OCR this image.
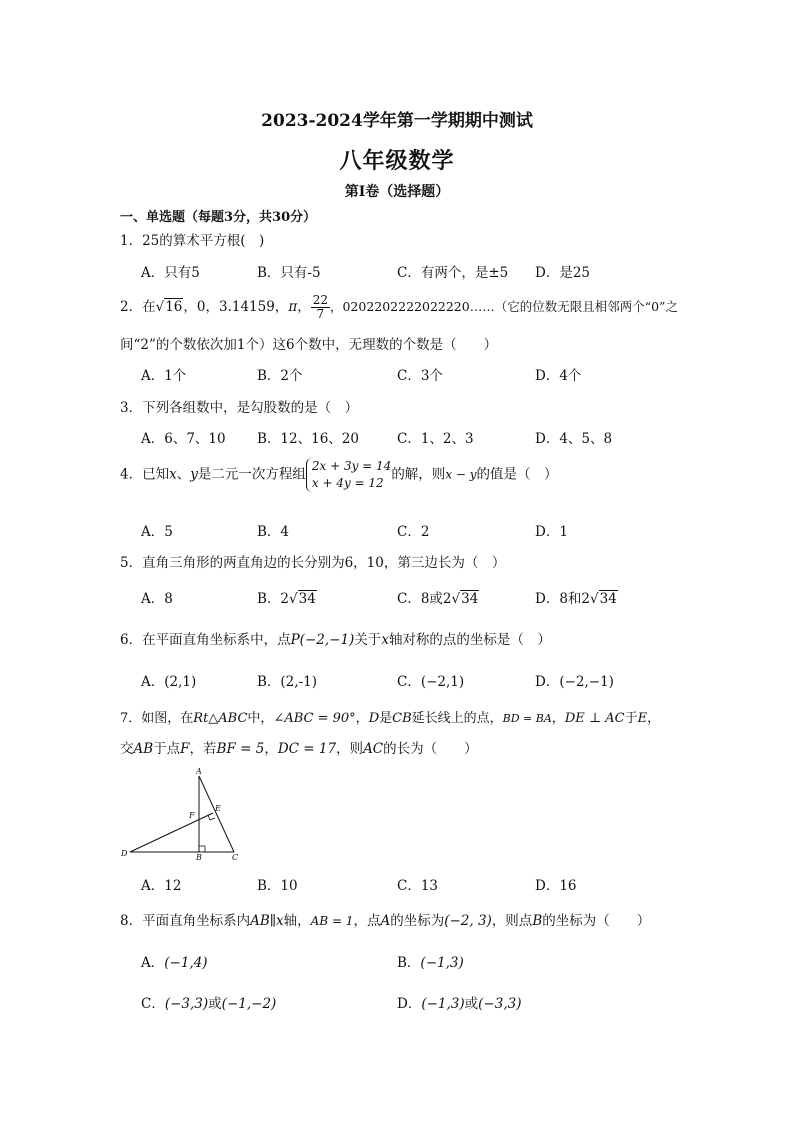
2023-2024学年第一学期期中测试
八年级数学
第Ⅰ卷（选择题）
一、单选题（每题3分，共30分）
1．25的算术平方根(　)
A．只有5	B．只有-5	C．有两个，是±5 D．是25
2．在√16，0，3.14159，π， $\frac{22}{7}$ ，0202202222022220……（它的位数无限且相邻两个“0”之
间“2”的个数依次加1个）这6个数中，无理数的个数是（　　）
A．1个	B．2个	C．3个	D．4个
3．下列各组数中，是勾股数的是（　）
A．6、7、10 B．12、16、20	C．1、2、3	D．4、5、8
4．已知x、y是二元一次方程组
2x + 3y = 14
x + 4y = 12
的解，则x − y的值是（　）
A．5	B．4	C．2	D．1
5．直角三角形的两直角边的长分别为6，10，第三边长为（　）
A．8	B．2√34	C．8或2√34	D．8和2√34
6．在平面直角坐标系中，点P(−2,−1)关于x轴对称的点的坐标是（　）
A．(2,1)	B．(2,-1)	C．(−2,1)	D．(−2,−1)
7．如图，在Rt△ABC中，∠ABC = 90°，D是CB延长线上的点，BD = BA，DE ⊥ AC于E，
交AB于点F，若BF = 5，DC = 17，则AC的长为（　　）
A
B	C
D
E
F
A．12	B．10	C．13	D．16
8．平面直角坐标系内AB∥x轴，AB = 1，点A的坐标为(−2, 3)，则点B的坐标为（　　）
A．(−1,4)	B．(−1,3)
C．(−3,3)或(−1,−2)	D．(−1,3)或(−3,3)
